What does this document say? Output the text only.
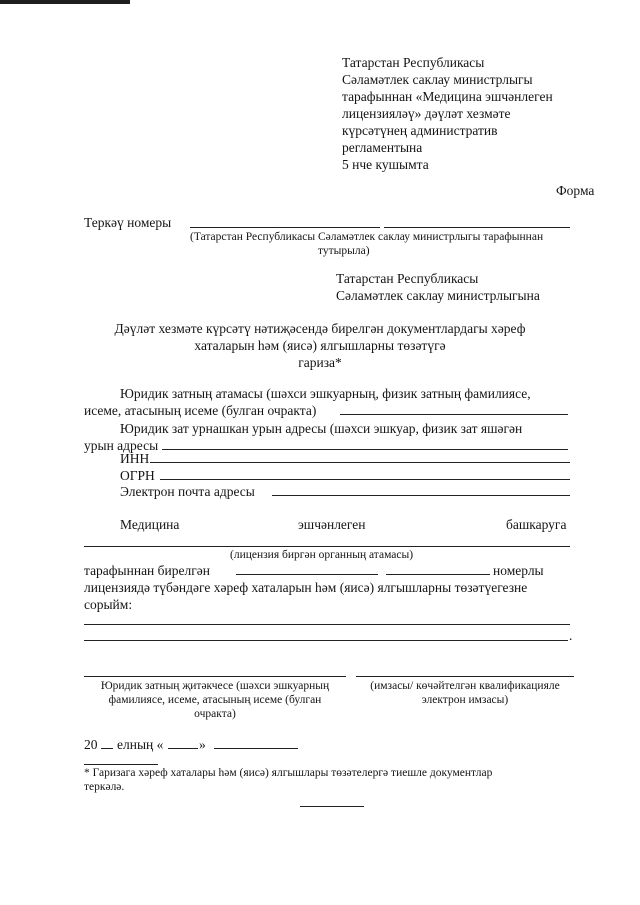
Татарстан Республикасы
Сәламәтлек саклау министрлыгы
тарафыннан «Медицина эшчәнлеген
лицензияләү» дәүләт хезмәте
күрсәтүнең административ
регламентына
5 нче кушымта
Форма
Теркәү номеры
(Татарстан Республикасы Сәламәтлек саклау министрлыгы тарафыннан
тутырыла)
Татарстан Республикасы
Сәламәтлек саклау министрлыгына
Дәүләт хезмәте күрсәтү нәтиҗәсендә бирелгән документлардагы хәреф
хаталарын һәм (яисә) ялгышларны төзәтүгә
гариза*
Юридик затның атамасы (шәхси эшкуарның, физик затның фамилиясе,
исеме, атасының исеме (булган очракта)
Юридик зат урнашкан урын адресы (шәхси эшкуар, физик зат яшәгән
урын адресы
ИНН
ОГРН
Электрон почта адресы
Медицина	эшчәнлеген	башкаруга
(лицензия биргән органның атамасы)
тарафыннан бирелгән	номерлы
лицензиядә түбәндәге хәреф хаталарын һәм (яисә) ялгышларны төзәтүегезне
сорыйм:
.
Юридик затның җитәкчесе (шәхси эшкуарның
фамилиясе, исеме, атасының исеме (булган
очракта)
(имзасы/ көчәйтелгән квалификацияле
электрон имзасы)
20 елның «	»
* Гаризага хәреф хаталары һәм (яисә) ялгышлары төзәтелергә тиешле документлар
теркәлә.
